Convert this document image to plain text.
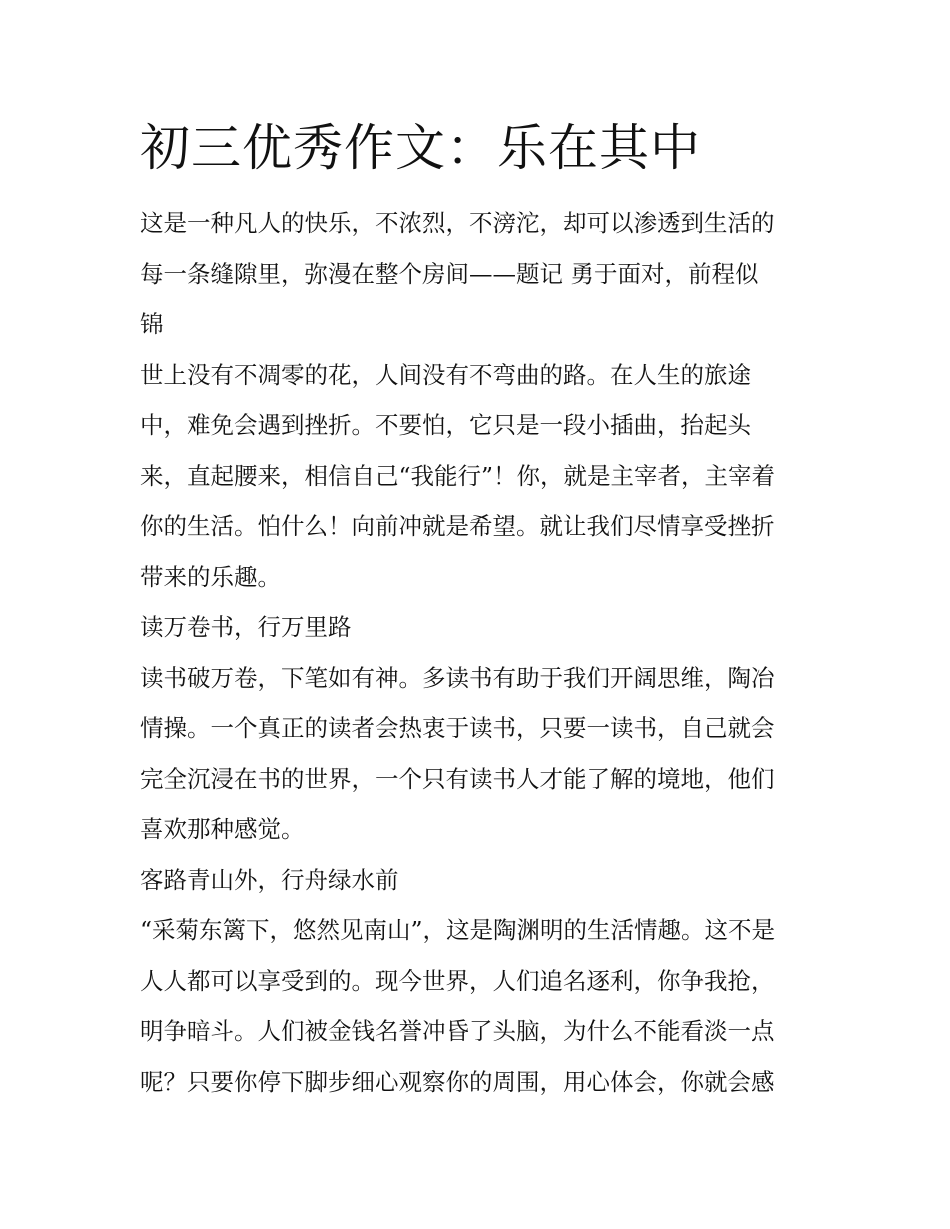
初三优秀作文：乐在其中
这是一种凡人的快乐，不浓烈，不滂沱，却可以渗透到生活的
每一条缝隙里，弥漫在整个房间——题记 勇于面对，前程似
锦
世上没有不凋零的花，人间没有不弯曲的路。在人生的旅途
中，难免会遇到挫折。不要怕，它只是一段小插曲，抬起头
来，直起腰来，相信自己“我能行”！你，就是主宰者，主宰着
你的生活。怕什么！向前冲就是希望。就让我们尽情享受挫折
带来的乐趣。
读万卷书，行万里路
读书破万卷，下笔如有神。多读书有助于我们开阔思维，陶冶
情操。一个真正的读者会热衷于读书，只要一读书，自己就会
完全沉浸在书的世界，一个只有读书人才能了解的境地，他们
喜欢那种感觉。
客路青山外，行舟绿水前
“采菊东篱下，悠然见南山”，这是陶渊明的生活情趣。这不是
人人都可以享受到的。现今世界，人们追名逐利，你争我抢，
明争暗斗。人们被金钱名誉冲昏了头脑，为什么不能看淡一点
呢？只要你停下脚步细心观察你的周围，用心体会，你就会感
